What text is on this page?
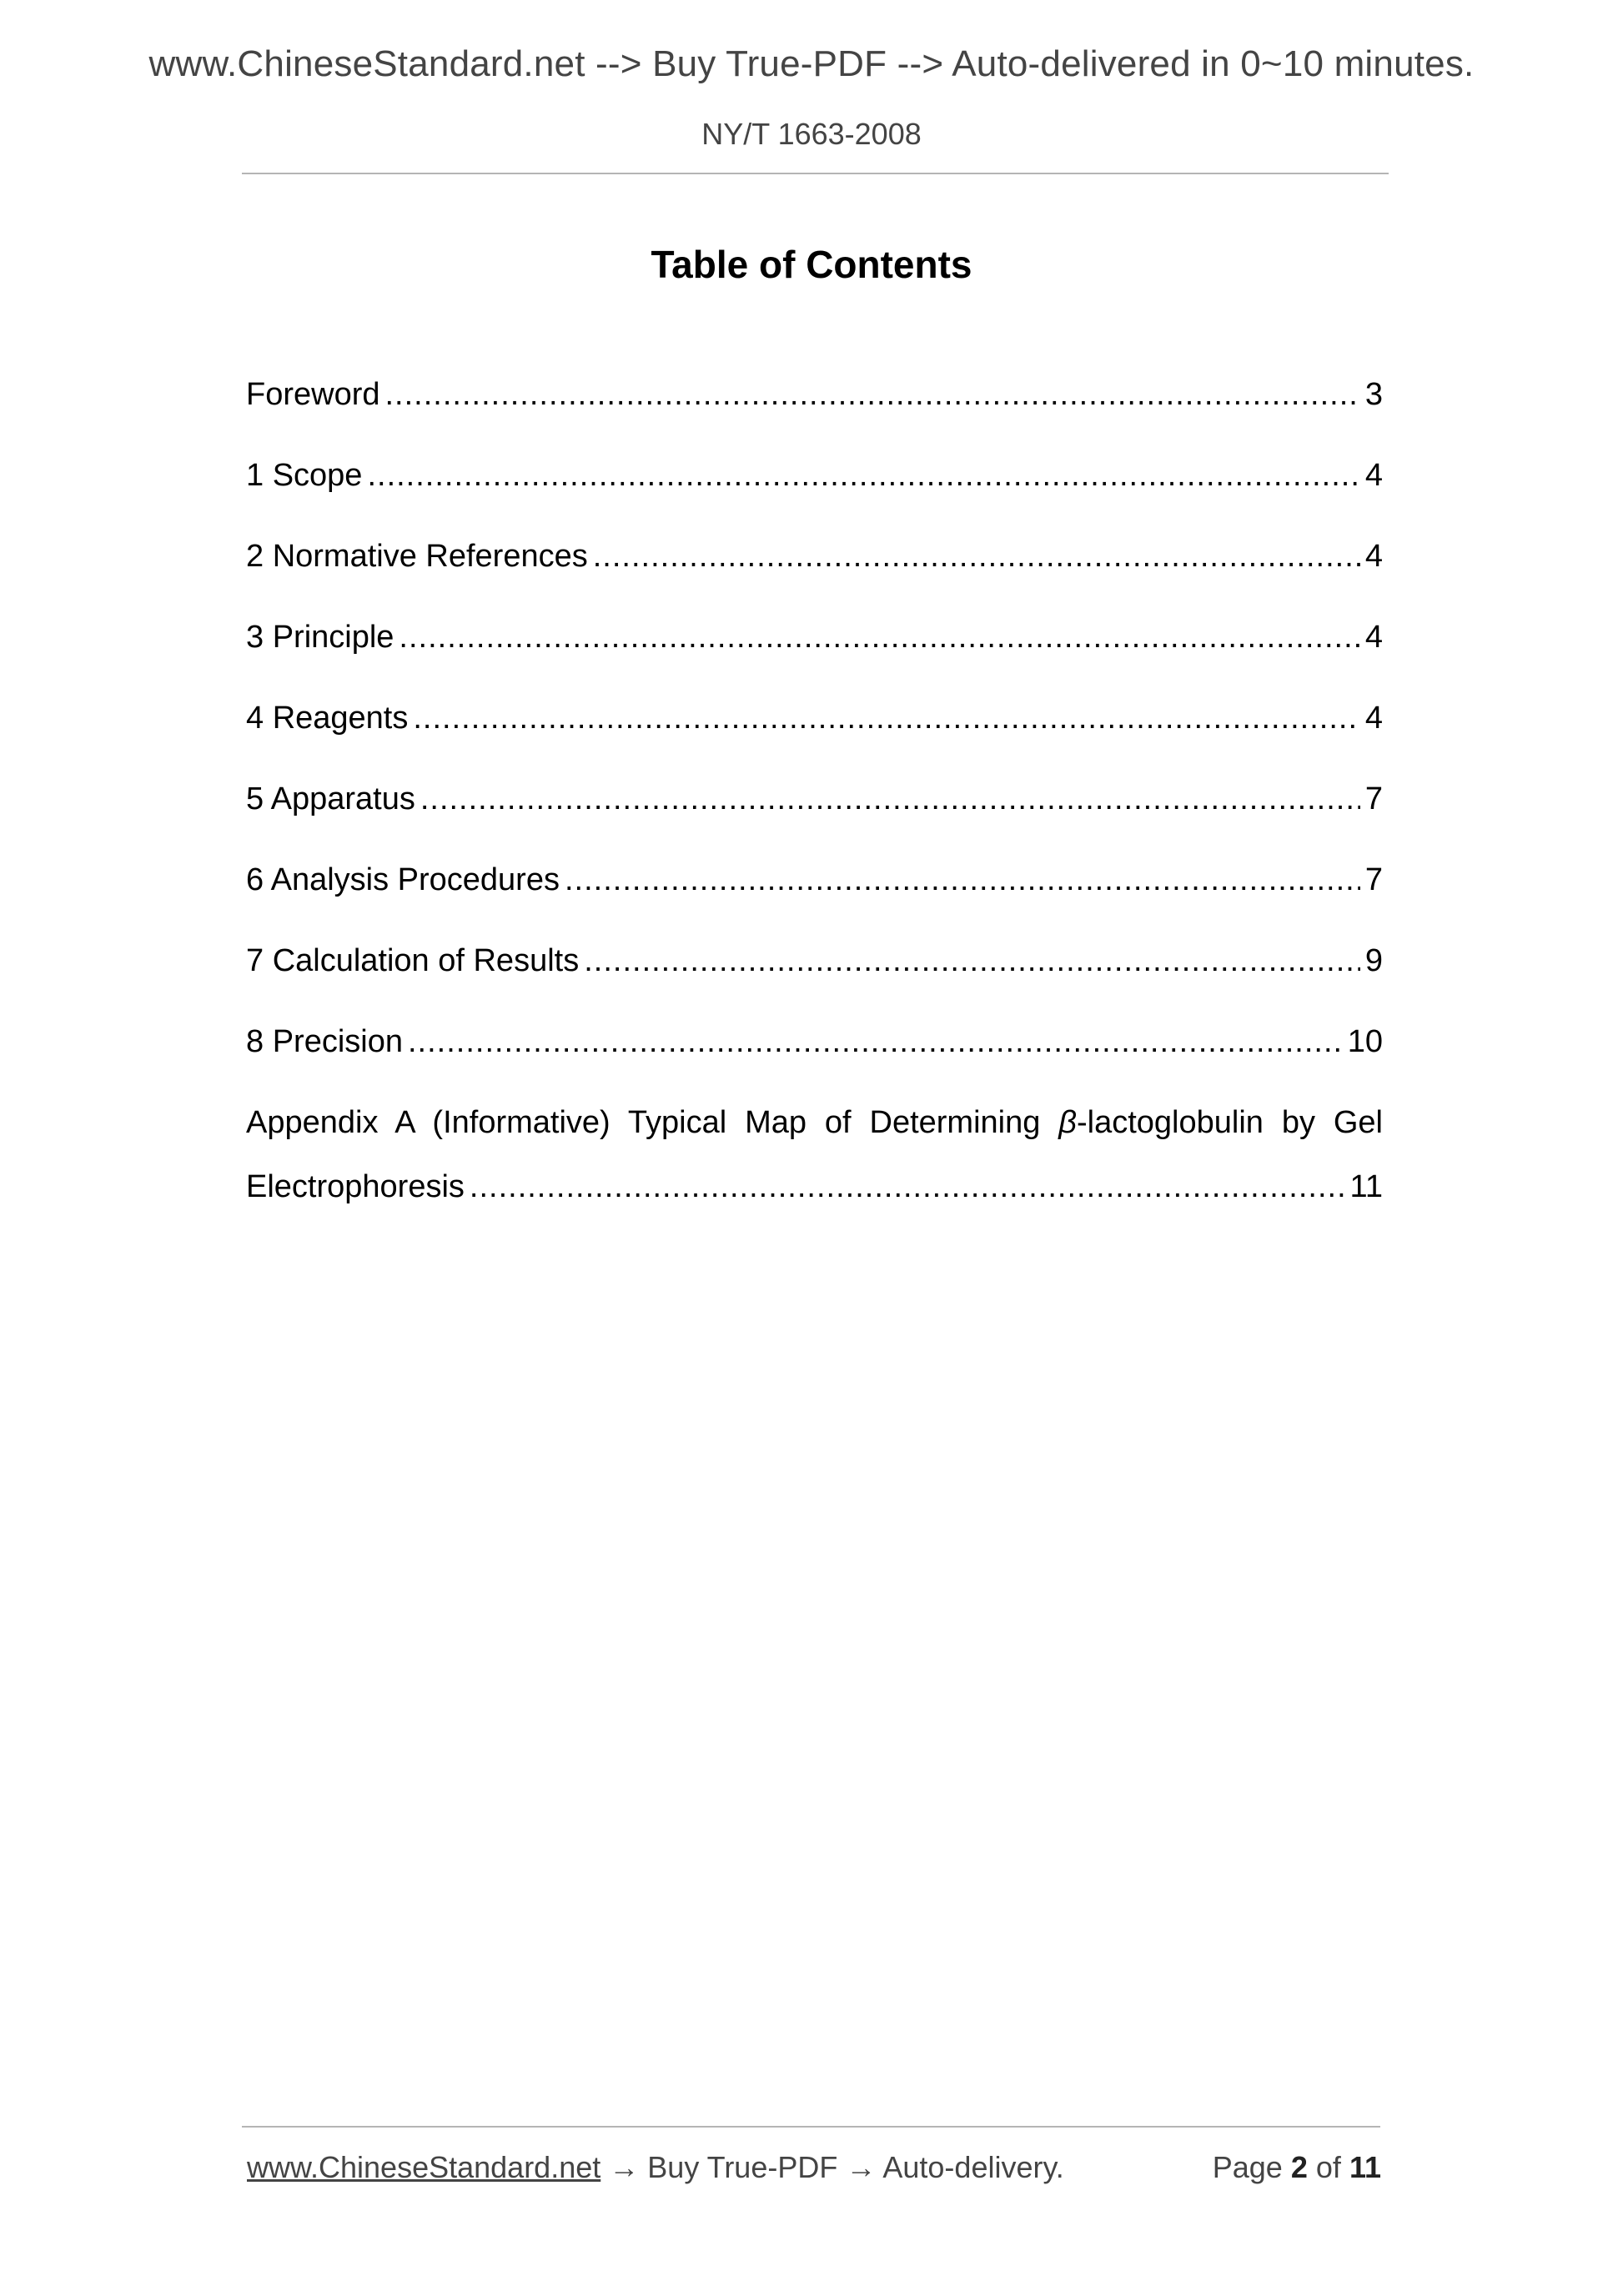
www.ChineseStandard.net --> Buy True-PDF --> Auto-delivered in 0~10 minutes.
NY/T 1663-2008
Table of Contents
Foreword .....	3
1 Scope .....	4
2 Normative References .....	4
3 Principle .....	4
4 Reagents .....	4
5 Apparatus .....	7
6 Analysis Procedures .....	7
7 Calculation of Results .....	9
8 Precision .....	10
Appendix A (Informative) Typical Map of Determining β-lactoglobulin by Gel
Electrophoresis .....	11
www.ChineseStandard.net → Buy True-PDF → Auto-delivery.	Page 2 of 11
